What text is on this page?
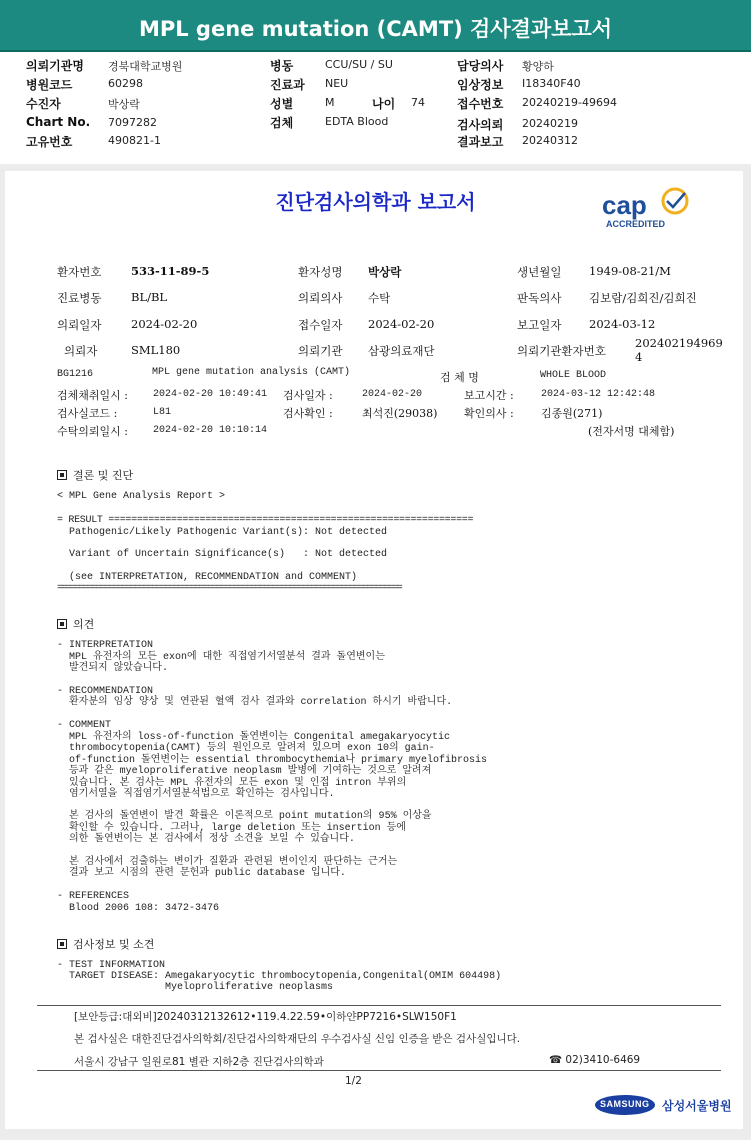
MPL gene mutation (CAMT) 검사결과보고서
의뢰기관명 경북대학교병원
병원코드	60298
수진자	박상락
Chart No. 7097282
고유번호	490821-1
병동	CCU/SU / SU
진료과 NEU
성별	M	나이 74
검체	EDTA Blood
담당의사 황양하
임상정보 I18340F40
접수번호 20240219-49694
검사의뢰 20240219
결과보고 20240312
진단검사의학과 보고서	cap
ACCREDITED
환자번호	533-11-89-5	환자성명 박상락	생년월일 1949-08-21/M
진료병동	BL/BL	의뢰의사 수탁	판독의사 김보람/김희진/김희진
의뢰일자	2024-02-20	접수일자 2024-02-20	보고일자 2024-03-12
의뢰자	SML180	의뢰기관 삼광의료재단	의뢰기관환자번호
202402194969
4
BG1216	MPL gene mutation analysis (CAMT)	검 체 명	WHOLE BLOOD
검체채취일시 :	2024-02-20 10:49:41 검사일자 :	2024-02-20	보고시간 :	2024-03-12 12:42:48
검사실코드 :	L81	검사확인 :	최석진(29038) 확인의사 : 김종원(271)
수탁의뢰일시 :	2024-02-20 10:10:14	(전자서명 대체함)
결론 및 진단
< MPL Gene Analysis Report >
= RESULT ================================================================
Pathogenic/Likely Pathogenic Variant(s): Not detected
Variant of Uncertain Significance(s)   : Not detected
(see INTERPRETATION, RECOMMENDATION and COMMENT)
================================================================================
의견
- INTERPRETATION
MPL 유전자의 모든 exon에 대한 직접염기서열분석 결과 돌연변이는
발견되지 않았습니다.
- RECOMMENDATION
환자분의 임상 양상 및 연관된 혈액 검사 결과와 correlation 하시기 바랍니다.
- COMMENT
MPL 유전자의 loss-of-function 돌연변이는 Congenital amegakaryocytic
thrombocytopenia(CAMT) 등의 원인으로 알려져 있으며 exon 10의 gain-
of-function 돌연변이는 essential thrombocythemia나 primary myelofibrosis
등과 같은 myeloproliferative neoplasm 발병에 기여하는 것으로 알려져
있습니다. 본 검사는 MPL 유전자의 모든 exon 및 인접 intron 부위의
염기서열을 직접염기서열분석법으로 확인하는 검사입니다.
본 검사의 돌연변이 발견 확률은 이론적으로 point mutation의 95% 이상을
확인할 수 있습니다. 그러나, large deletion 또는 insertion 등에
의한 돌연변이는 본 검사에서 정상 소견을 보일 수 있습니다.
본 검사에서 검출하는 변이가 질환과 관련된 변이인지 판단하는 근거는
결과 보고 시점의 관련 문헌과 public database 입니다.
- REFERENCES
Blood 2006 108: 3472-3476
검사정보 및 소견
- TEST INFORMATION
TARGET DISEASE: Amegakaryocytic thrombocytopenia,Congenital(OMIM 604498)
Myeloproliferative neoplasms
[보안등급:대외비]20240312132612•119.4.22.59•이하얀PP7216•SLW150F1
본 검사실은 대한진단검사의학회/진단검사의학재단의 우수검사실 신임 인증을 받은 검사실입니다.
서울시 강남구 일원로81 별관 지하2층 진단검사의학과	☎ 02)3410-6469
1/2
SAMSUNG 삼성서울병원
